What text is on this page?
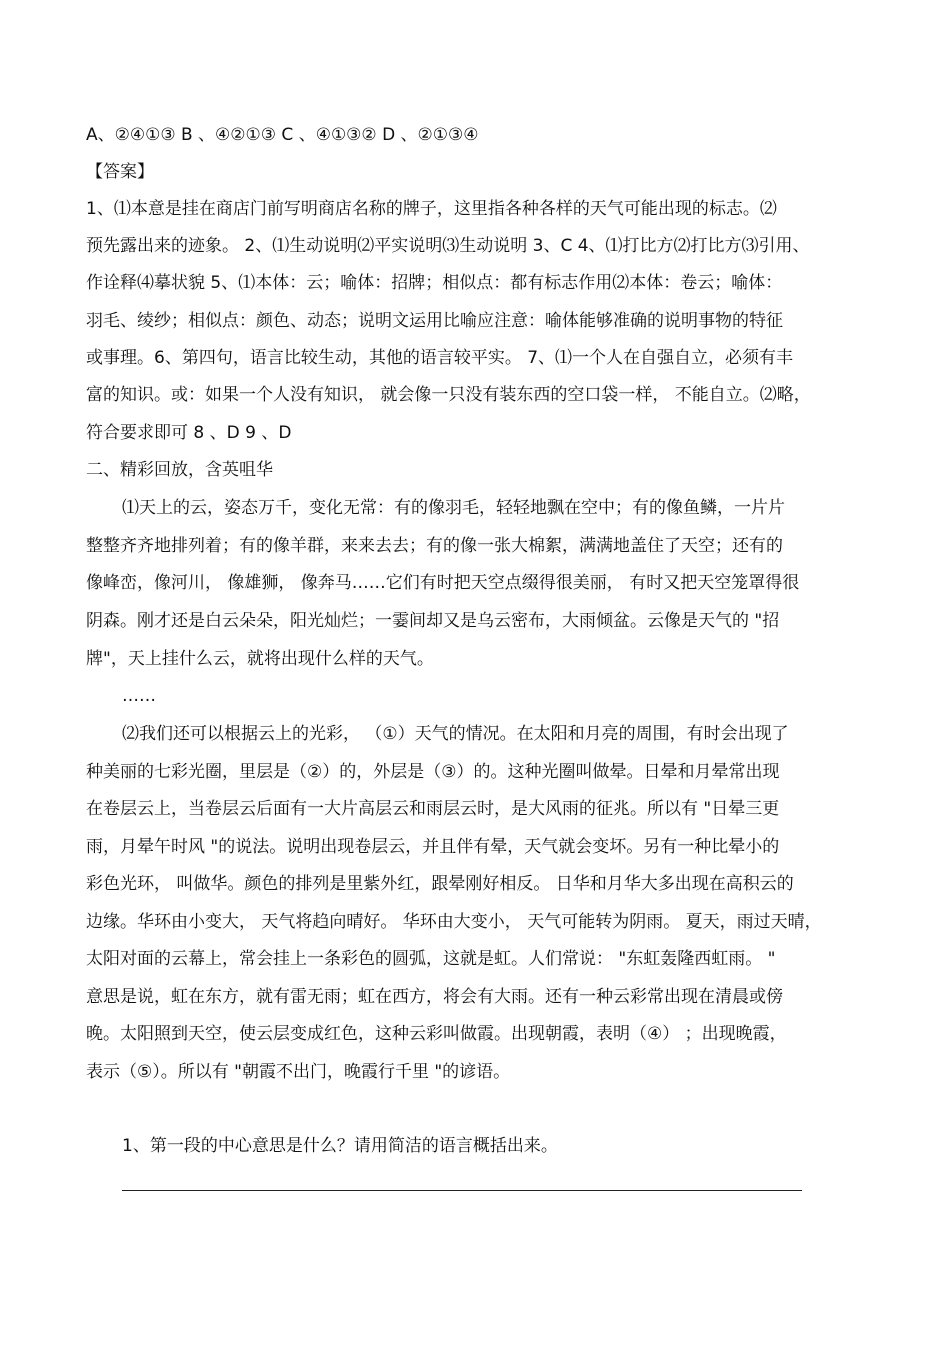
A、②④①③ B 、④②①③ C 、④①③② D 、②①③④
【答案】
1、⑴本意是挂在商店门前写明商店名称的牌子，这里指各种各样的天气可能出现的标志。⑵
预先露出来的迹象。 2、⑴生动说明⑵平实说明⑶生动说明 3、C 4、⑴打比方⑵打比方⑶引用、
作诠释⑷摹状貌 5、⑴本体：云；喻体：招牌；相似点：都有标志作用⑵本体：卷云；喻体：
羽毛、绫纱；相似点：颜色、动态；说明文运用比喻应注意：喻体能够准确的说明事物的特征
或事理。6、第四句，语言比较生动，其他的语言较平实。 7、⑴一个人在自强自立，必须有丰
富的知识。或：如果一个人没有知识， 就会像一只没有装东西的空口袋一样， 不能自立。⑵略，
符合要求即可 8 、D 9 、D
二、精彩回放，含英咀华
⑴天上的云，姿态万千，变化无常：有的像羽毛，轻轻地飘在空中；有的像鱼鳞，一片片
整整齐齐地排列着；有的像羊群，来来去去；有的像一张大棉絮，满满地盖住了天空；还有的
像峰峦，像河川， 像雄狮， 像奔马……它们有时把天空点缀得很美丽， 有时又把天空笼罩得很
阴森。刚才还是白云朵朵，阳光灿烂；一霎间却又是乌云密布，大雨倾盆。云像是天气的 "招
牌"，天上挂什么云，就将出现什么样的天气。
……
⑵我们还可以根据云上的光彩， （①）天气的情况。在太阳和月亮的周围，有时会出现了
种美丽的七彩光圈，里层是（②）的，外层是（③）的。这种光圈叫做晕。日晕和月晕常出现
在卷层云上，当卷层云后面有一大片高层云和雨层云时，是大风雨的征兆。所以有 "日晕三更
雨，月晕午时风 "的说法。说明出现卷层云，并且伴有晕，天气就会变坏。另有一种比晕小的
彩色光环， 叫做华。颜色的排列是里紫外红，跟晕刚好相反。 日华和月华大多出现在高积云的
边缘。华环由小变大， 天气将趋向晴好。 华环由大变小， 天气可能转为阴雨。 夏天，雨过天晴，
太阳对面的云幕上，常会挂上一条彩色的圆弧，这就是虹。人们常说： "东虹轰隆西虹雨。 "
意思是说，虹在东方，就有雷无雨；虹在西方，将会有大雨。还有一种云彩常出现在清晨或傍
晚。太阳照到天空，使云层变成红色，这种云彩叫做霞。出现朝霞，表明（④） ；出现晚霞，
表示（⑤）。所以有 "朝霞不出门，晚霞行千里 "的谚语。
1、第一段的中心意思是什么？请用简洁的语言概括出来。
